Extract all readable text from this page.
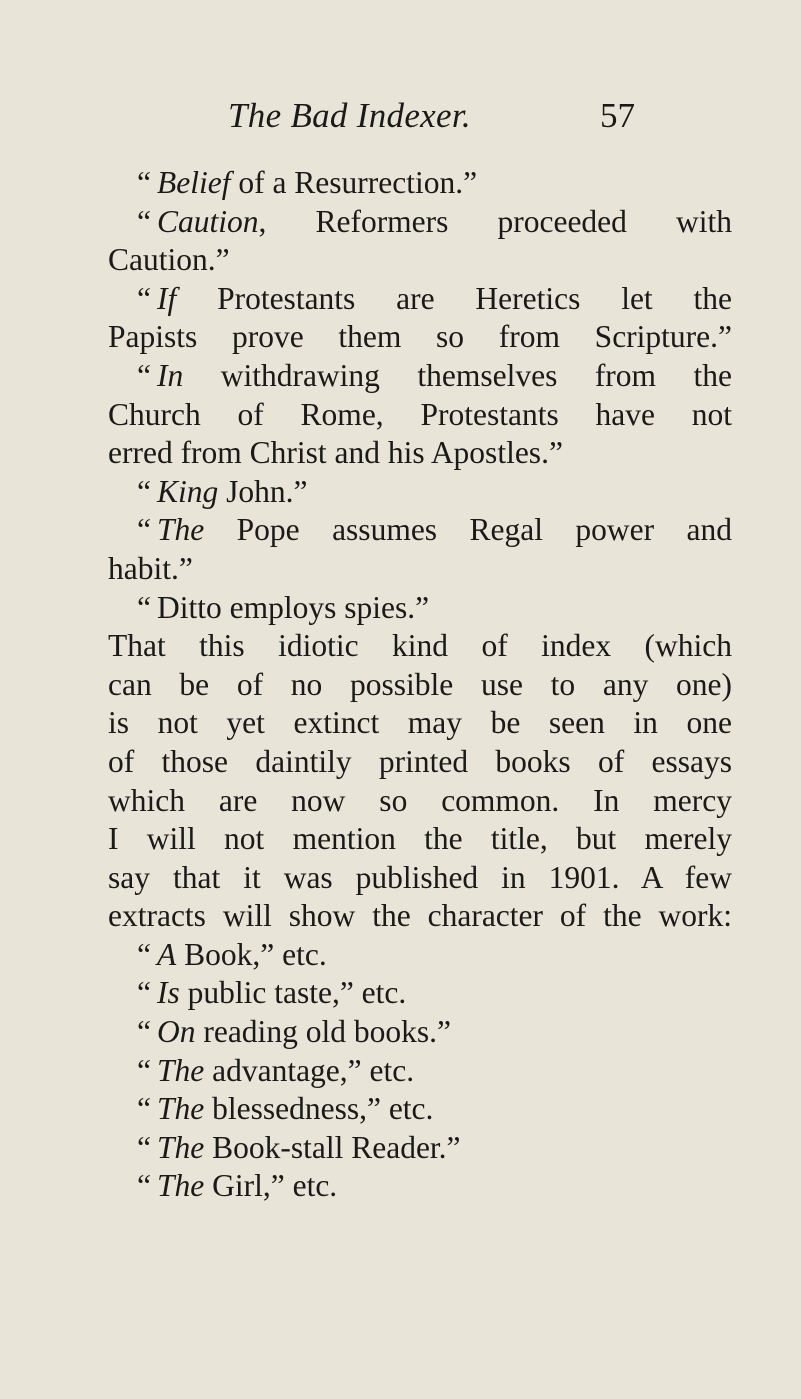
The Bad Indexer.	57
“ Belief of a Resurrection.”
“ Caution, Reformers proceeded with
Caution.”
“ If Protestants are Heretics let the
Papists prove them so from Scripture.”
“ In withdrawing themselves from the
Church of Rome, Protestants have not
erred from Christ and his Apostles.”
“ King John.”
“ The Pope assumes Regal power and
habit.”
“ Ditto employs spies.”
That this idiotic kind of index (which
can be of no possible use to any one)
is not yet extinct may be seen in one
of those daintily printed books of essays
which are now so common. In mercy
I will not mention the title, but merely
say that it was published in 1901. A few
extracts will show the character of the work:
“ A Book,” etc.
“ Is public taste,” etc.
“ On reading old books.”
“ The advantage,” etc.
“ The blessedness,” etc.
“ The Book-stall Reader.”
“ The Girl,” etc.
